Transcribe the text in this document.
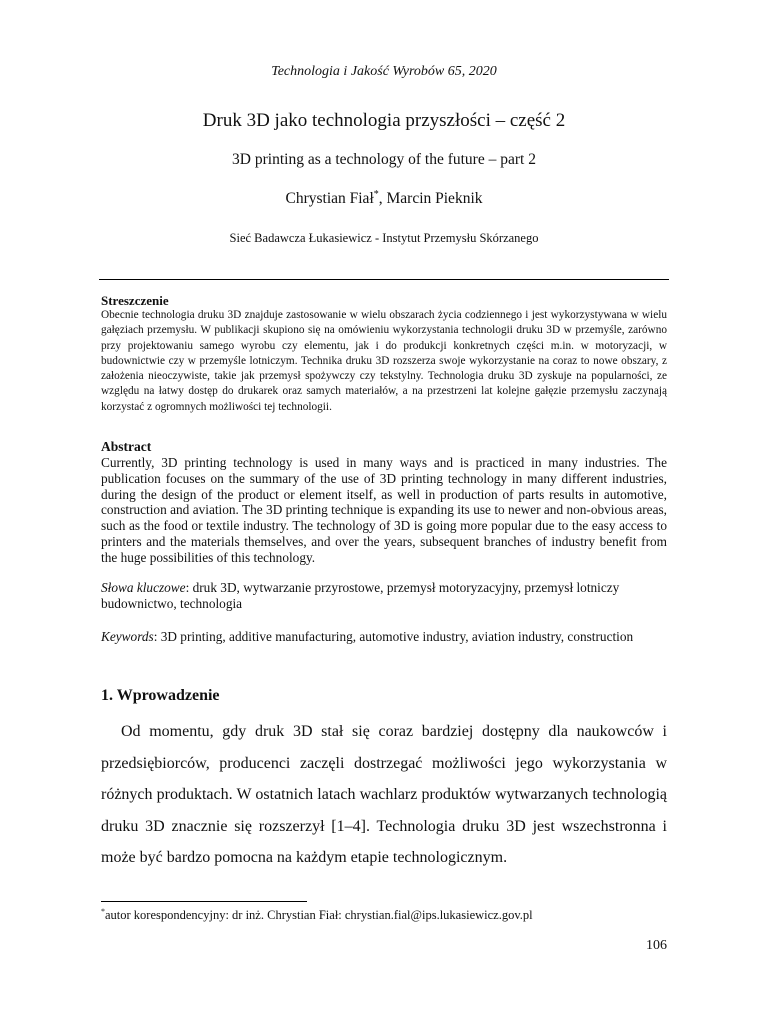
Technologia i Jakość Wyrobów 65, 2020
Druk 3D jako technologia przyszłości – część 2
3D printing as a technology of the future – part 2
Chrystian Fiał*, Marcin Pieknik
Sieć Badawcza Łukasiewicz - Instytut Przemysłu Skórzanego
Streszczenie
Obecnie technologia druku 3D znajduje zastosowanie w wielu obszarach życia codziennego i jest wykorzystywana w wielu gałęziach przemysłu. W publikacji skupiono się na omówieniu wykorzystania technologii druku 3D w przemyśle, zarówno przy projektowaniu samego wyrobu czy elementu, jak i do produkcji konkretnych części m.in. w motoryzacji, w budownictwie czy w przemyśle lotniczym. Technika druku 3D rozszerza swoje wykorzystanie na coraz to nowe obszary, z założenia nieoczywiste, takie jak przemysł spożywczy czy tekstylny. Technologia druku 3D zyskuje na popularności, ze względu na łatwy dostęp do drukarek oraz samych materiałów, a na przestrzeni lat kolejne gałęzie przemysłu zaczynają korzystać z ogromnych możliwości tej technologii.
Abstract
Currently, 3D printing technology is used in many ways and is practiced in many industries. The publication focuses on the summary of the use of 3D printing technology in many different industries, during the design of the product or element itself, as well in production of parts results in automotive, construction and aviation. The 3D printing technique is expanding its use to newer and non-obvious areas, such as the food or textile industry. The technology of 3D is going more popular due to the easy access to printers and the materials themselves, and over the years, subsequent branches of industry benefit from the huge possibilities of this technology.
Słowa kluczowe: druk 3D, wytwarzanie przyrostowe, przemysł motoryzacyjny, przemysł lotniczy budownictwo, technologia
Keywords: 3D printing, additive manufacturing, automotive industry, aviation industry, construction
1. Wprowadzenie
Od momentu, gdy druk 3D stał się coraz bardziej dostępny dla naukowców i przedsiębiorców, producenci zaczęli dostrzegać możliwości jego wykorzystania w różnych produktach. W ostatnich latach wachlarz produktów wytwarzanych technologią druku 3D znacznie się rozszerzył [1–4]. Technologia druku 3D jest wszechstronna i może być bardzo pomocna na każdym etapie technologicznym.
*autor korespondencyjny: dr inż. Chrystian Fiał: chrystian.fial@ips.lukasiewicz.gov.pl
106
